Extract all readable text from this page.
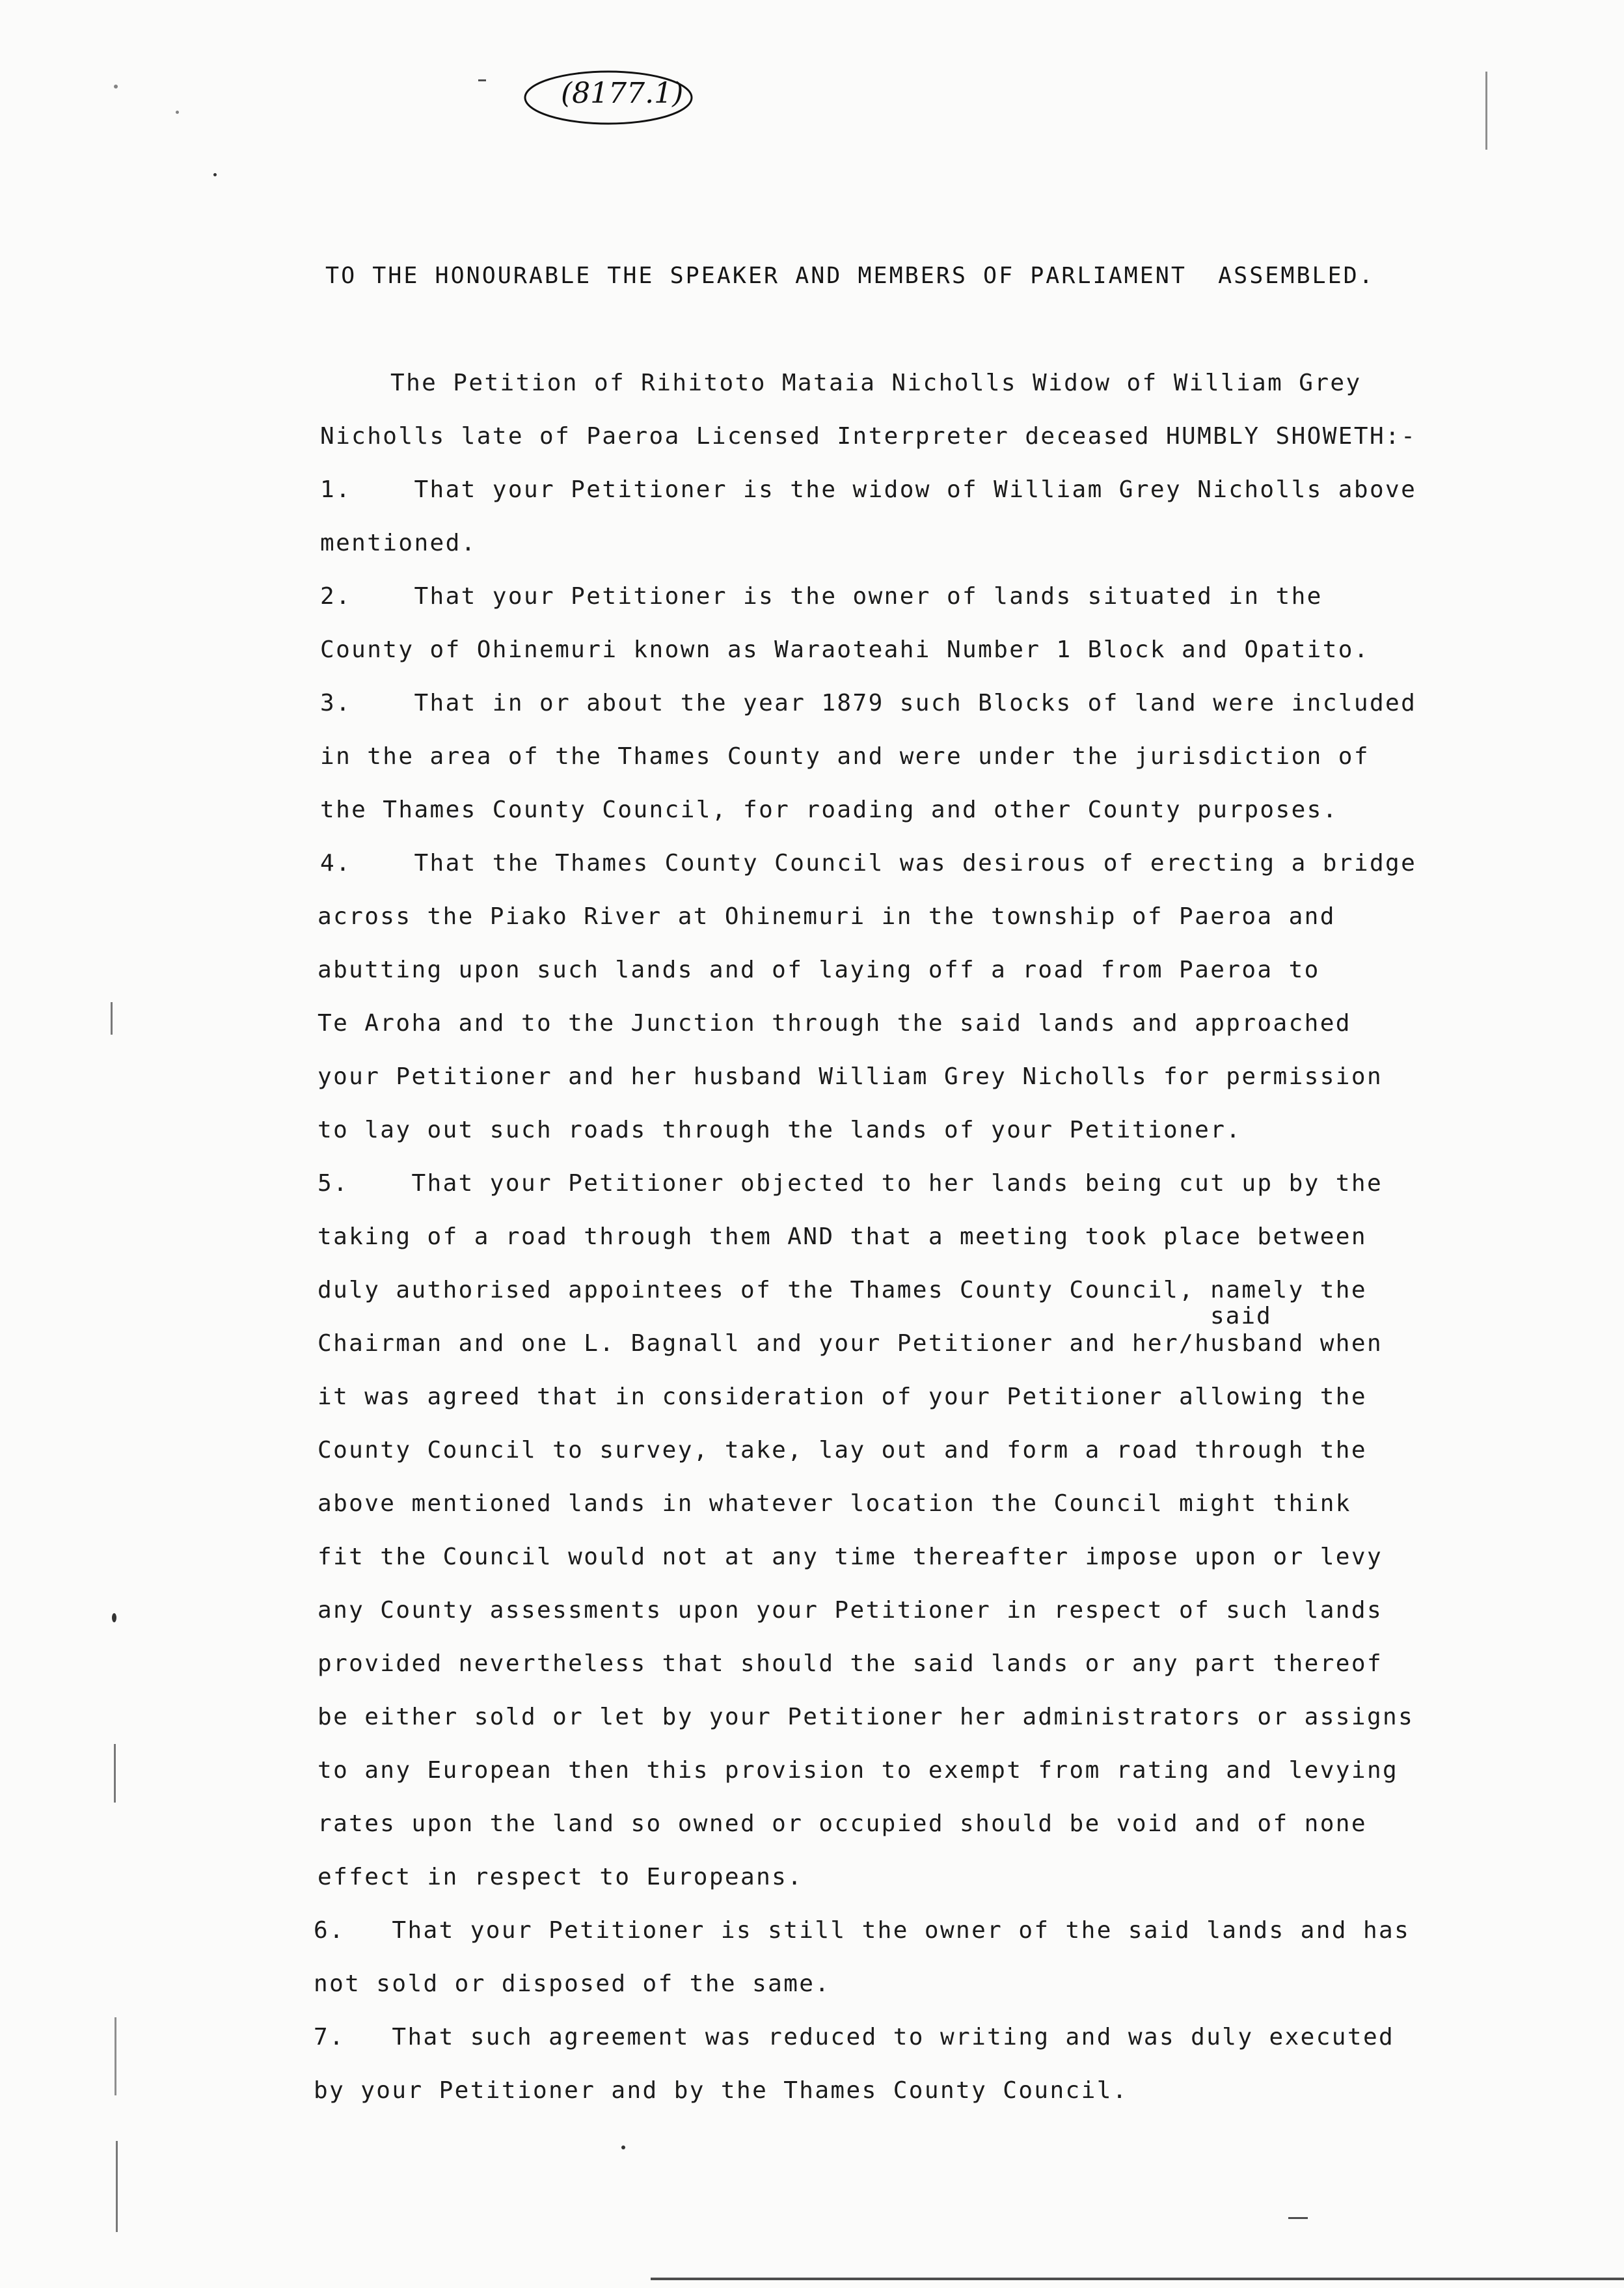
(8177.1)
TO THE HONOURABLE THE SPEAKER AND MEMBERS OF PARLIAMENT  ASSEMBLED.
said
The Petition of Rihitoto Mataia Nicholls Widow of William Grey
Nicholls late of Paeroa Licensed Interpreter deceased HUMBLY SHOWETH:-
1.    That your Petitioner is the widow of William Grey Nicholls above
mentioned.
2.    That your Petitioner is the owner of lands situated in the
County of Ohinemuri known as Waraoteahi Number 1 Block and Opatito.
3.    That in or about the year 1879 such Blocks of land were included
in the area of the Thames County and were under the jurisdiction of
the Thames County Council, for roading and other County purposes.
4.    That the Thames County Council was desirous of erecting a bridge
across the Piako River at Ohinemuri in the township of Paeroa and
abutting upon such lands and of laying off a road from Paeroa to
Te Aroha and to the Junction through the said lands and approached
your Petitioner and her husband William Grey Nicholls for permission
to lay out such roads through the lands of your Petitioner.
5.    That your Petitioner objected to her lands being cut up by the
taking of a road through them AND that a meeting took place between
duly authorised appointees of the Thames County Council, namely the
Chairman and one L. Bagnall and your Petitioner and her/husband when
it was agreed that in consideration of your Petitioner allowing the
County Council to survey, take, lay out and form a road through the
above mentioned lands in whatever location the Council might think
fit the Council would not at any time thereafter impose upon or levy
any County assessments upon your Petitioner in respect of such lands
provided nevertheless that should the said lands or any part thereof
be either sold or let by your Petitioner her administrators or assigns
to any European then this provision to exempt from rating and levying
rates upon the land so owned or occupied should be void and of none
effect in respect to Europeans.
6.   That your Petitioner is still the owner of the said lands and has
not sold or disposed of the same.
7.   That such agreement was reduced to writing and was duly executed
by your Petitioner and by the Thames County Council.
